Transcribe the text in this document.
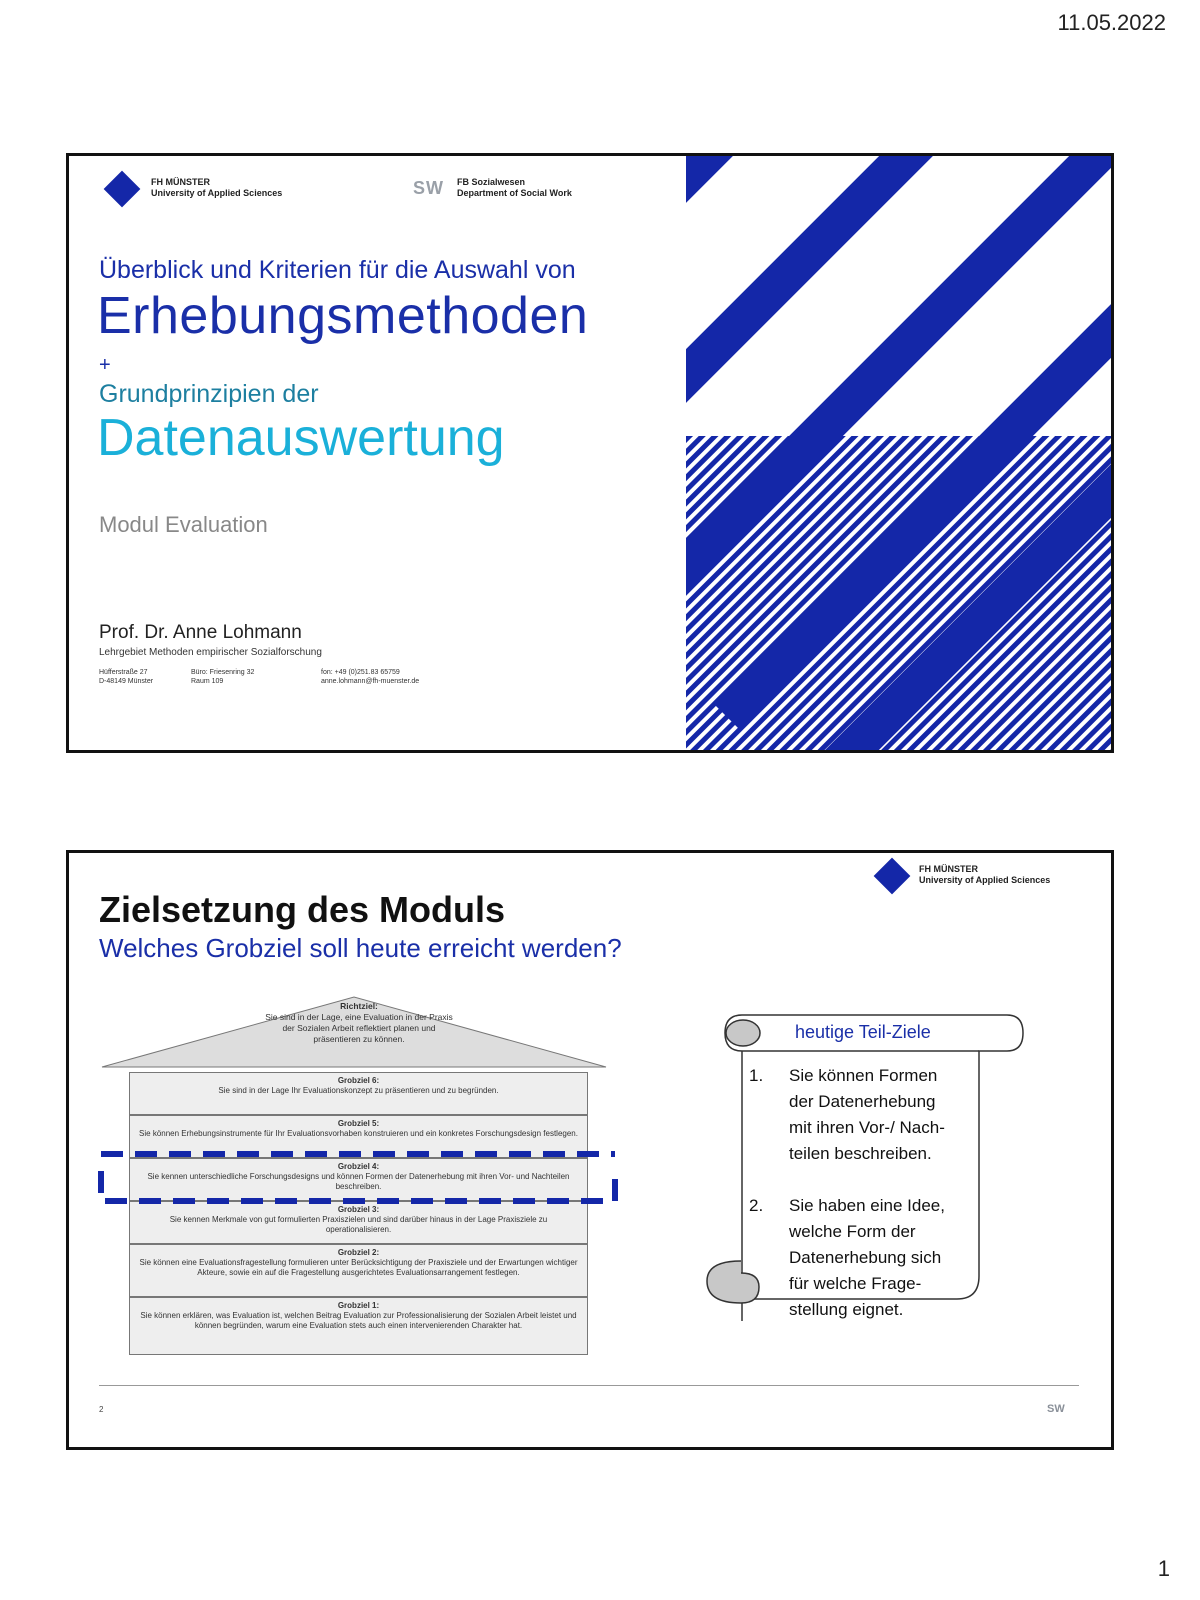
11.05.2022
FH MÜNSTER
University of Applied Sciences	SW FB Sozialwesen
Department of Social Work
Überblick und Kriterien für die Auswahl von
Erhebungsmethoden
+
Grundprinzipien der
Datenauswertung
Modul Evaluation
Prof. Dr. Anne Lohmann
Lehrgebiet Methoden empirischer Sozialforschung
Hüfferstraße 27
D-48149 Münster
Büro: Friesenring 32
Raum 109
fon: +49 (0)251.83 65759
anne.lohmann@fh-muenster.de
FH MÜNSTER
University of Applied Sciences
Zielsetzung des Moduls
Welches Grobziel soll heute erreicht werden?
Richtziel:
Sie sind in der Lage, eine Evaluation in der Praxis der Sozialen Arbeit reflektiert planen und präsentieren zu können.
Grobziel 6:
Sie sind in der Lage Ihr Evaluationskonzept zu präsentieren und zu begründen.
Grobziel 5:
Sie können Erhebungsinstrumente für Ihr Evaluationsvorhaben konstruieren und ein konkretes Forschungsdesign festlegen.
Grobziel 4:
Sie kennen unterschiedliche Forschungsdesigns und können Formen der Datenerhebung mit ihren Vor- und Nachteilen beschreiben.
Grobziel 3:
Sie kennen Merkmale von gut formulierten Praxiszielen und sind darüber hinaus in der Lage Praxisziele zu operationalisieren.
Grobziel 2:
Sie können eine Evaluationsfragestellung formulieren unter Berücksichtigung der Praxisziele und der Erwartungen wichtiger Akteure, sowie ein auf die Fragestellung ausgerichtetes Evaluationsarrangement festlegen.
Grobziel 1:
Sie können erklären, was Evaluation ist, welchen Beitrag Evaluation zur Professionalisierung der Sozialen Arbeit leistet und können begründen, warum eine Evaluation stets auch einen intervenierenden Charakter hat.
heutige Teil-Ziele
1. Sie können Formen
der Datenerhebung
mit ihren Vor-/ Nach-
teilen beschreiben.
2. Sie haben eine Idee,
welche Form der
Datenerhebung sich
für welche Frage-
stellung eignet.
2	SW
1
